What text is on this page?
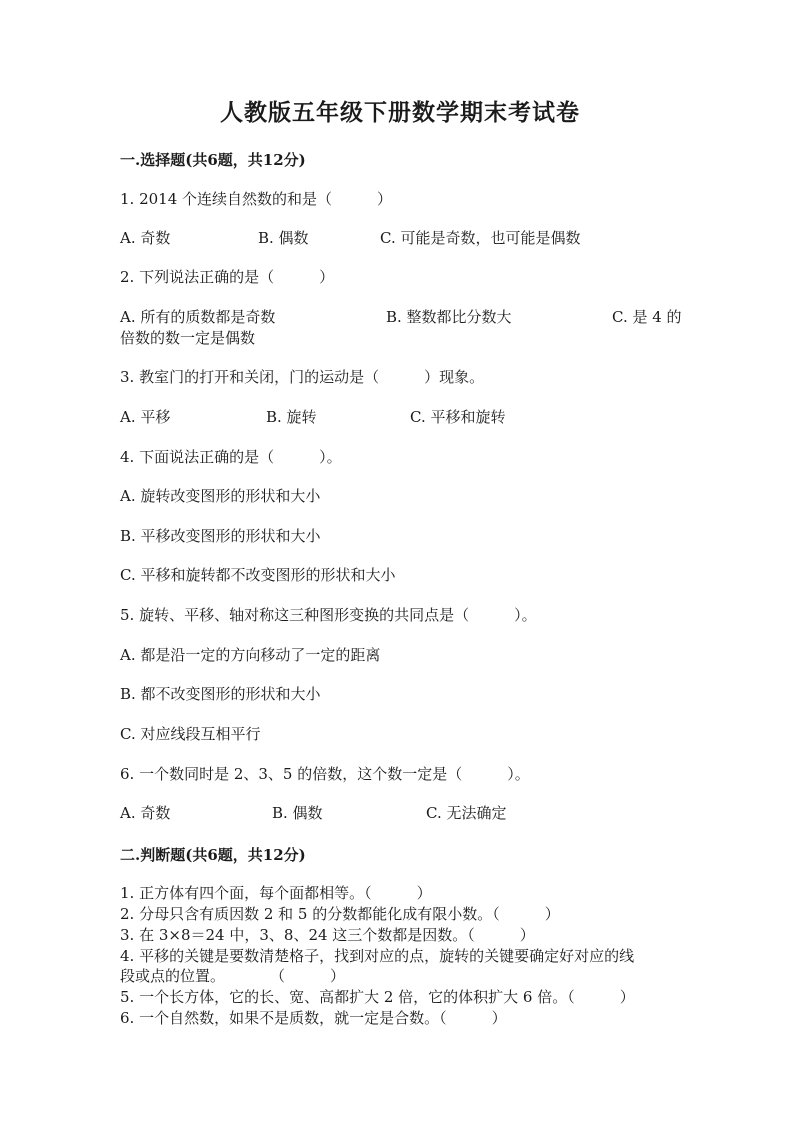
人教版五年级下册数学期末考试卷
一.选择题(共6题，共12分)
1. 2014 个连续自然数的和是（　　　）
A. 奇数	B. 偶数	C. 可能是奇数，也可能是偶数
2. 下列说法正确的是（　　　）
A. 所有的质数都是奇数	B. 整数都比分数大	C. 是 4 的
倍数的数一定是偶数
3. 教室门的打开和关闭，门的运动是（　　　）现象。
A. 平移	B. 旋转	C. 平移和旋转
4. 下面说法正确的是（　　　）。
A. 旋转改变图形的形状和大小
B. 平移改变图形的形状和大小
C. 平移和旋转都不改变图形的形状和大小
5. 旋转、平移、轴对称这三种图形变换的共同点是（　　　）。
A. 都是沿一定的方向移动了一定的距离
B. 都不改变图形的形状和大小
C. 对应线段互相平行
6. 一个数同时是 2、3、5 的倍数，这个数一定是（　　　）。
A. 奇数	B. 偶数	C. 无法确定
二.判断题(共6题，共12分)
1. 正方体有四个面，每个面都相等。（　　　）
2. 分母只含有质因数 2 和 5 的分数都能化成有限小数。（　　　）
3. 在 3×8＝24 中，3、8、24 这三个数都是因数。（　　　）
4. 平移的关键是要数清楚格子，找到对应的点，旋转的关键要确定好对应的线
段或点的位置。　　　　（　　　）
5. 一个长方体，它的长、宽、高都扩大 2 倍，它的体积扩大 6 倍。（　　　）
6. 一个自然数，如果不是质数，就一定是合数。（　　　）
